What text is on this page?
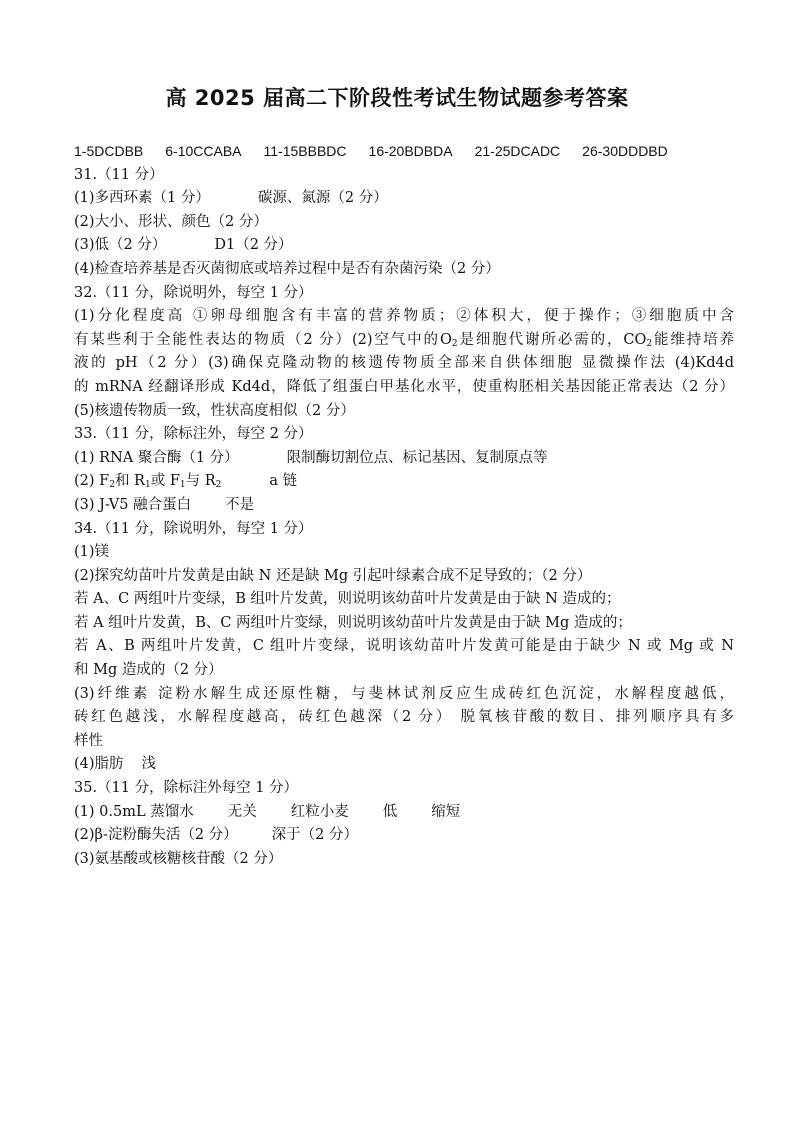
高 2025 届高二下阶段性考试生物试题参考答案
1-5DCDBB 6-10CCABA 11-15BBBDC 16-20BDBDA 21-25DCADC 26-30DDDBD
31.（11 分）
(1)多西环素（1 分）	碳源、氮源（2 分）
(2)大小、形状、颜色（2 分）
(3)低（2 分）	D1（2 分）
(4)检查培养基是否灭菌彻底或培养过程中是否有杂菌污染（2 分）
32.（11 分，除说明外，每空 1 分）
(1)分化程度高 ①卵母细胞含有丰富的营养物质；②体积大，便于操作；③细胞质中含
有某些利于全能性表达的物质（2 分）(2)空气中的$O_2$是细胞代谢所必需的，$CO_2$能维持培养
液的 pH（2 分）(3)确保克隆动物的核遗传物质全部来自供体细胞 显微操作法 (4)Kd4d
的 mRNA 经翻译形成 Kd4d，降低了组蛋白甲基化水平，使重构胚相关基因能正常表达（2 分）
(5)核遗传物质一致，性状高度相似（2 分）
33.（11 分，除标注外，每空 2 分）
(1) RNA 聚合酶（1 分）	限制酶切割位点、标记基因、复制原点等
(2) $F_2$和 $R_1$或 $F_1$与 $R_2$	a 链
(3) J-V5 融合蛋白 不是
34.（11 分，除说明外，每空 1 分）
(1)镁
(2)探究幼苗叶片发黄是由缺 N 还是缺 Mg 引起叶绿素合成不足导致的；（2 分）
若 A、C 两组叶片变绿，B 组叶片发黄，则说明该幼苗叶片发黄是由于缺 N 造成的；
若 A 组叶片发黄，B、C 两组叶片变绿，则说明该幼苗叶片发黄是由于缺 Mg 造成的；
若 A、B 两组叶片发黄，C 组叶片变绿，说明该幼苗叶片发黄可能是由于缺少 N 或 Mg 或 N
和 Mg 造成的（2 分）
(3)纤维素 淀粉水解生成还原性糖，与斐林试剂反应生成砖红色沉淀，水解程度越低，
砖红色越浅，水解程度越高，砖红色越深（2 分） 脱氧核苷酸的数目、排列顺序具有多
样性
(4)脂肪 浅
35.（11 分，除标注外每空 1 分）
(1) 0.5mL 蒸馏水 无关 红粒小麦 低 缩短
(2)β-淀粉酶失活（2 分） 深于（2 分）
(3)氨基酸或核糖核苷酸（2 分）
